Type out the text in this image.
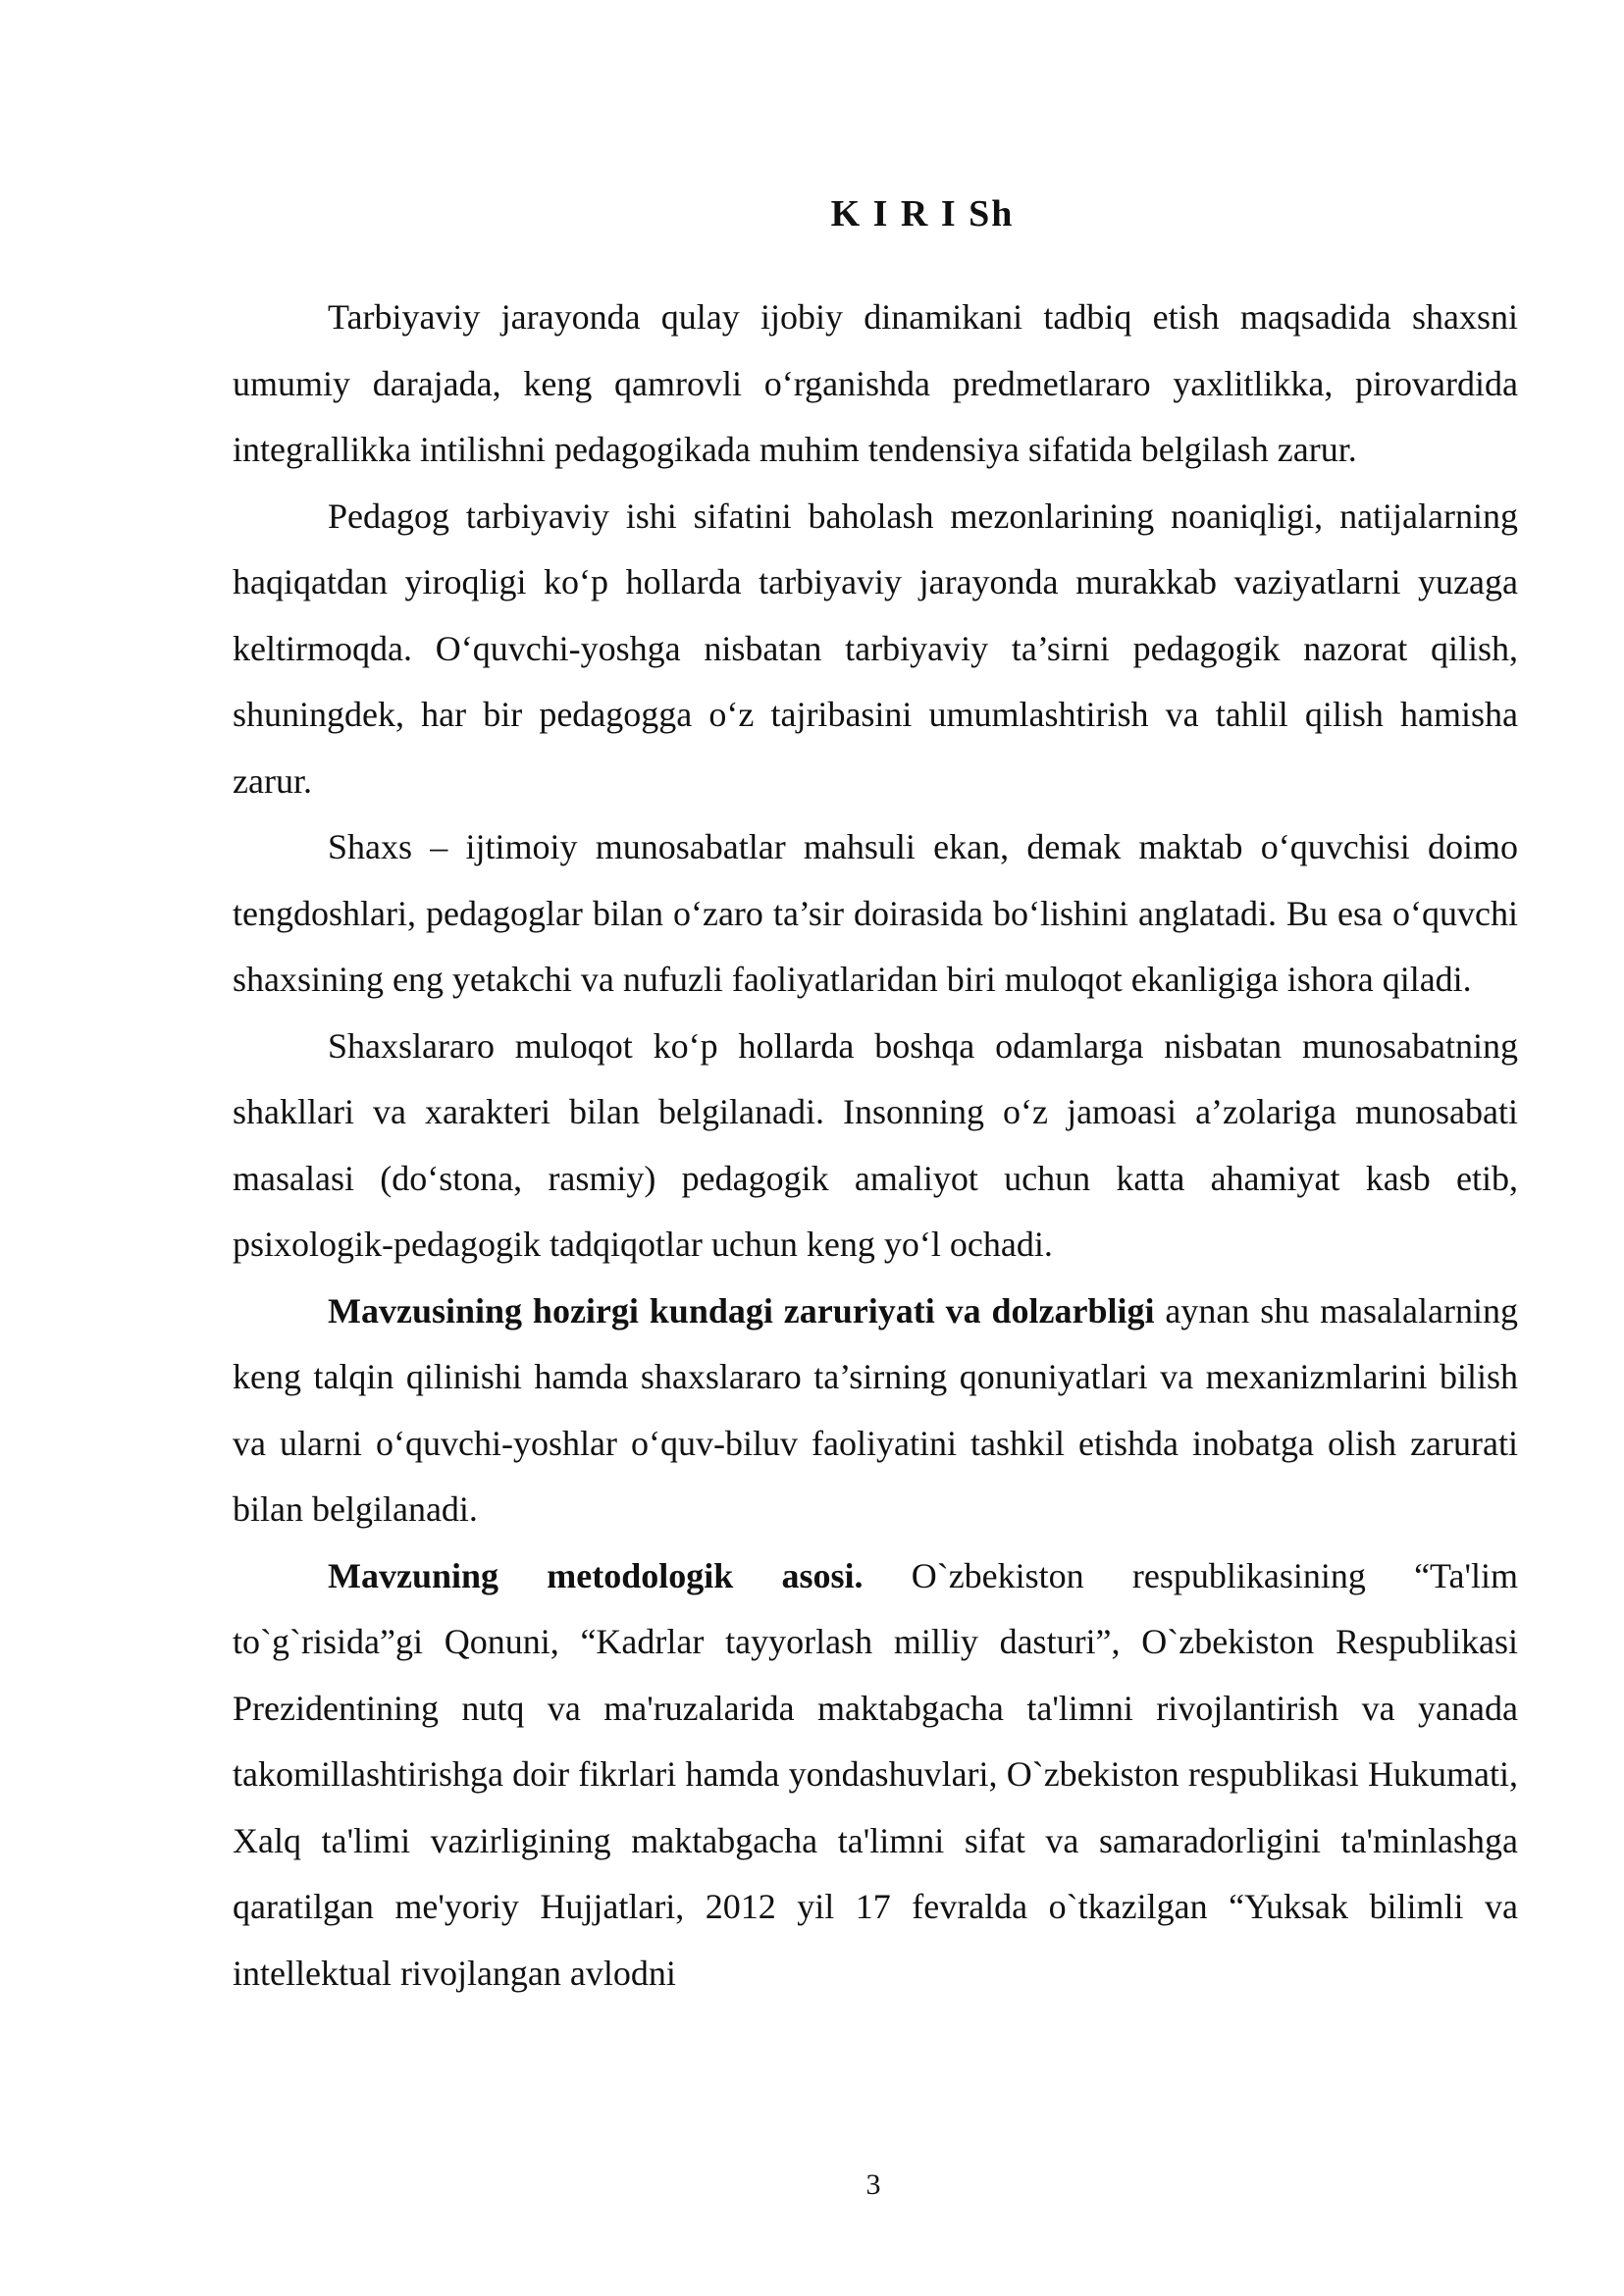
K I R I Sh

Tarbiyaviy jarayonda qulay ijobiy dinamikani tadbiq etish maqsadida shaxsni umumiy darajada, keng qamrovli o‘rganishda predmetlararo yaxlitlikka, pirovardida integrallikka intilishni pedagogikada muhim tendensiya sifatida belgilash zarur.

Pedagog tarbiyaviy ishi sifatini baholash mezonlarining noaniqligi, natijalarning haqiqatdan yiroqligi ko‘p hollarda tarbiyaviy jarayonda murakkab vaziyatlarni yuzaga keltirmoqda. O‘quvchi-yoshga nisbatan tarbiyaviy ta’sirni pedagogik nazorat qilish, shuningdek, har bir pedagogga o‘z tajribasini umumlashtirish va tahlil qilish hamisha zarur.

Shaxs – ijtimoiy munosabatlar mahsuli ekan, demak maktab o‘quvchisi doimo tengdoshlari, pedagoglar bilan o‘zaro ta’sir doirasida bo‘lishini anglatadi. Bu esa o‘quvchi shaxsining eng yetakchi va nufuzli faoliyatlaridan biri muloqot ekanligiga ishora qiladi.

Shaxslararo muloqot ko‘p hollarda boshqa odamlarga nisbatan munosabatning shakllari va xarakteri bilan belgilanadi. Insonning o‘z jamoasi a’zolariga munosabati masalasi (do‘stona, rasmiy) pedagogik amaliyot uchun katta ahamiyat kasb etib, psixologik-pedagogik tadqiqotlar uchun keng yo‘l ochadi.

Mavzusining hozirgi kundagi zaruriyati va dolzarbligi aynan shu masalalarning keng talqin qilinishi hamda shaxslararo ta’sirning qonuniyatlari va mexanizmlarini bilish va ularni o‘quvchi-yoshlar o‘quv-biluv faoliyatini tashkil etishda inobatga olish zarurati bilan belgilanadi.

Mavzuning metodologik asosi. O`zbekiston respublikasining “Ta'lim to`g`risida”gi Qonuni, “Kadrlar tayyorlash milliy dasturi”, O`zbekiston Respublikasi Prezidentining nutq va ma'ruzalarida maktabgacha ta'limni rivojlantirish va yanada takomillashtirishga doir fikrlari hamda yondashuvlari, O`zbekiston respublikasi Hukumati, Xalq ta'limi vazirligining maktabgacha ta'limni sifat va samaradorligini ta'minlashga qaratilgan me'yoriy Hujjatlari, 2012 yil 17 fevralda o`tkazilgan “Yuksak bilimli va intellektual rivojlangan avlodni

3
